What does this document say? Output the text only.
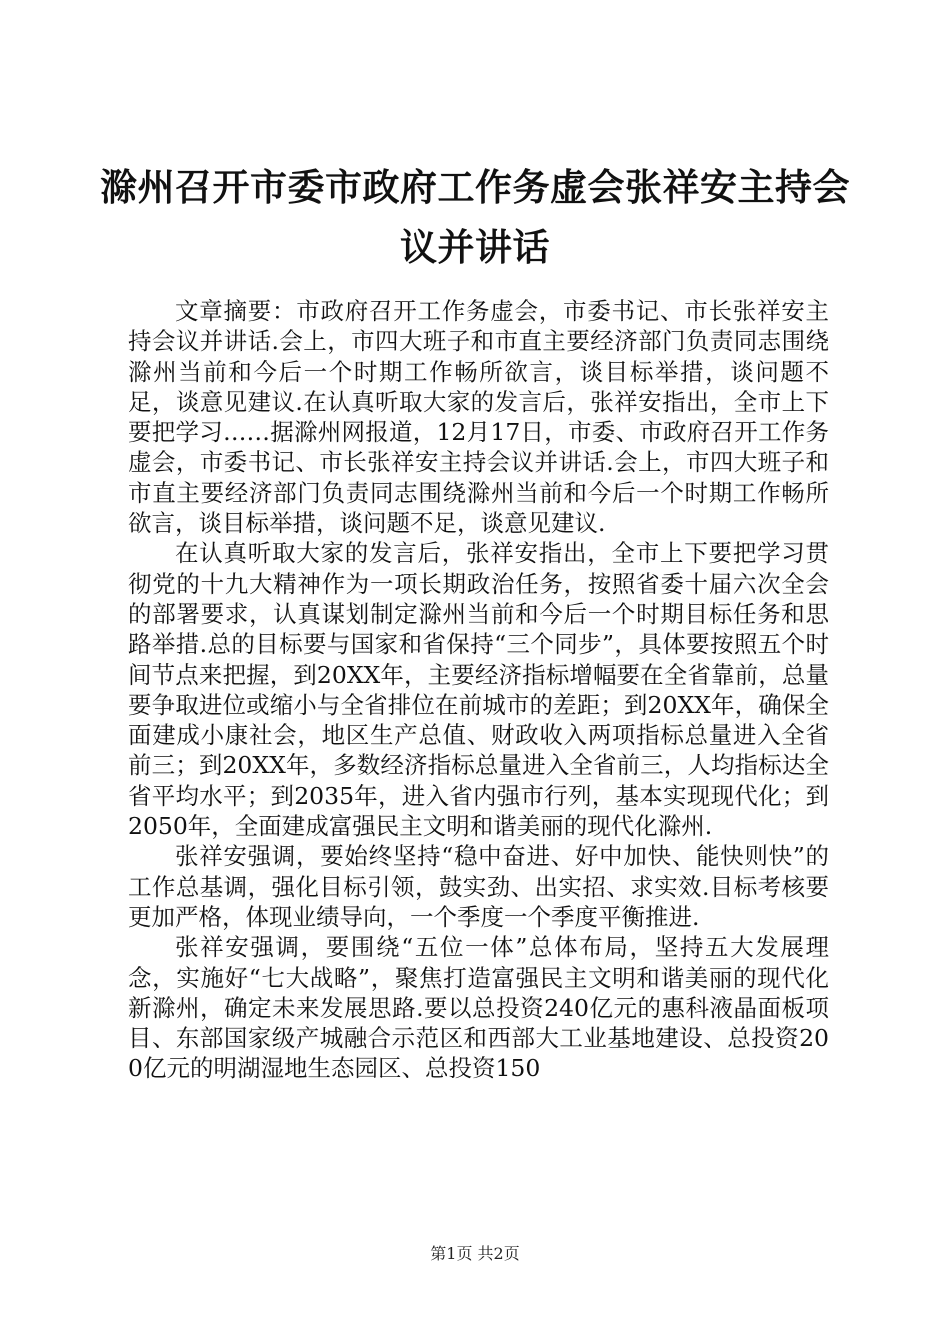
滁州召开市委市政府工作务虚会张祥安主持会议并讲话

文章摘要：市政府召开工作务虚会，市委书记、市长张祥安主持会议并讲话.会上，市四大班子和市直主要经济部门负责同志围绕滁州当前和今后一个时期工作畅所欲言，谈目标举措，谈问题不足，谈意见建议.在认真听取大家的发言后，张祥安指出，全市上下要把学习……据滁州网报道，12月17日，市委、市政府召开工作务虚会，市委书记、市长张祥安主持会议并讲话.会上，市四大班子和市直主要经济部门负责同志围绕滁州当前和今后一个时期工作畅所欲言，谈目标举措，谈问题不足，谈意见建议.

在认真听取大家的发言后，张祥安指出，全市上下要把学习贯彻党的十九大精神作为一项长期政治任务，按照省委十届六次全会的部署要求，认真谋划制定滁州当前和今后一个时期目标任务和思路举措.总的目标要与国家和省保持“三个同步”，具体要按照五个时间节点来把握，到20XX年，主要经济指标增幅要在全省靠前，总量要争取进位或缩小与全省排位在前城市的差距；到20XX年，确保全面建成小康社会，地区生产总值、财政收入两项指标总量进入全省前三；到20XX年，多数经济指标总量进入全省前三，人均指标达全省平均水平；到2035年，进入省内强市行列，基本实现现代化；到2050年，全面建成富强民主文明和谐美丽的现代化滁州.

张祥安强调，要始终坚持“稳中奋进、好中加快、能快则快”的工作总基调，强化目标引领，鼓实劲、出实招、求实效.目标考核要更加严格，体现业绩导向，一个季度一个季度平衡推进.

张祥安强调，要围绕“五位一体”总体布局，坚持五大发展理念，实施好“七大战略”，聚焦打造富强民主文明和谐美丽的现代化新滁州，确定未来发展思路.要以总投资240亿元的惠科液晶面板项目、东部国家级产城融合示范区和西部大工业基地建设、总投资200亿元的明湖湿地生态园区、总投资150

第1页 共2页
